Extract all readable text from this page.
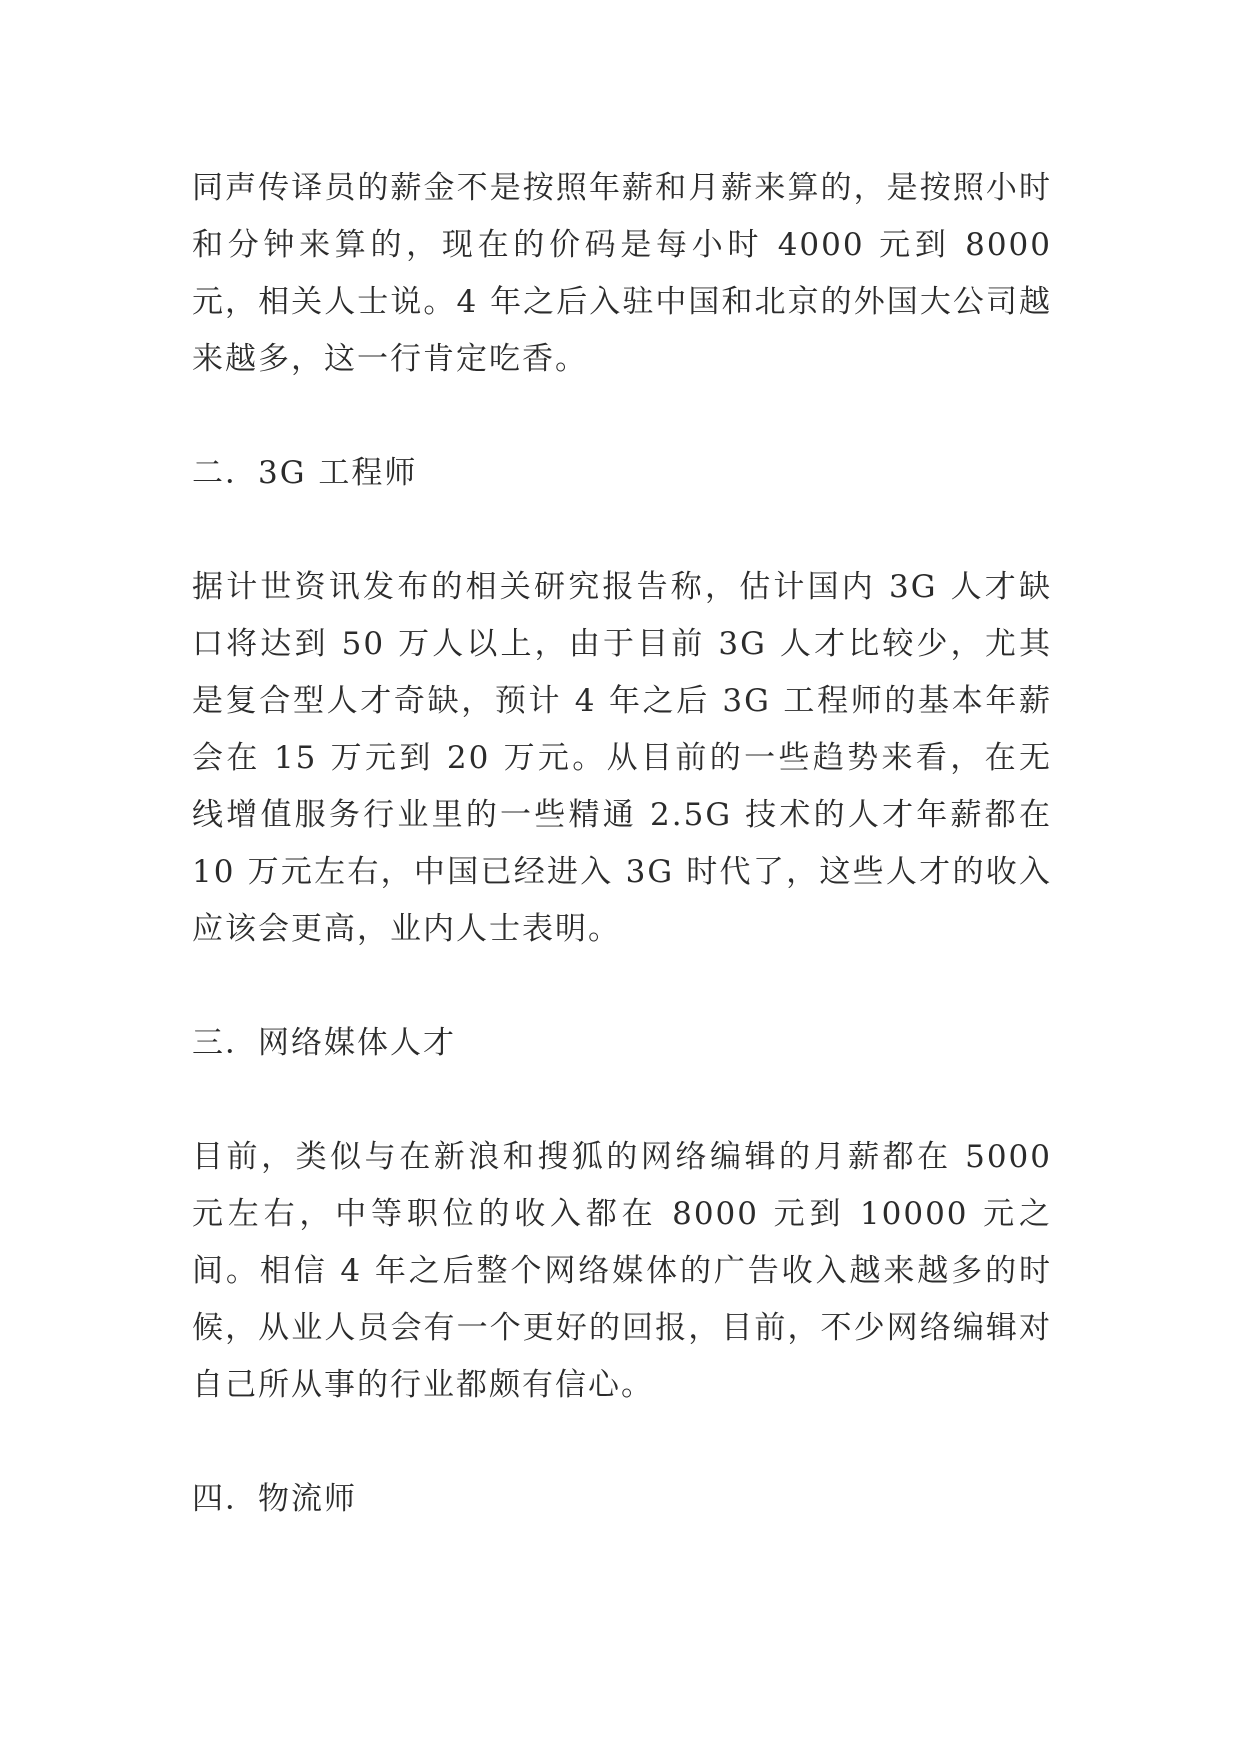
同声传译员的薪金不是按照年薪和月薪来算的，是按照小时和分钟来算的，现在的价码是每小时 4000 元到 8000 元，相关人士说。4 年之后入驻中国和北京的外国大公司越来越多，这一行肯定吃香。

二．3G 工程师

据计世资讯发布的相关研究报告称，估计国内 3G 人才缺口将达到 50 万人以上，由于目前 3G 人才比较少，尤其是复合型人才奇缺，预计 4 年之后 3G 工程师的基本年薪会在 15 万元到 20 万元。从目前的一些趋势来看，在无线增值服务行业里的一些精通 2.5G 技术的人才年薪都在 10 万元左右，中国已经进入 3G 时代了，这些人才的收入应该会更高，业内人士表明。

三．网络媒体人才

目前，类似与在新浪和搜狐的网络编辑的月薪都在 5000 元左右，中等职位的收入都在 8000 元到 10000 元之间。相信 4 年之后整个网络媒体的广告收入越来越多的时候，从业人员会有一个更好的回报，目前，不少网络编辑对自己所从事的行业都颇有信心。

四．物流师
